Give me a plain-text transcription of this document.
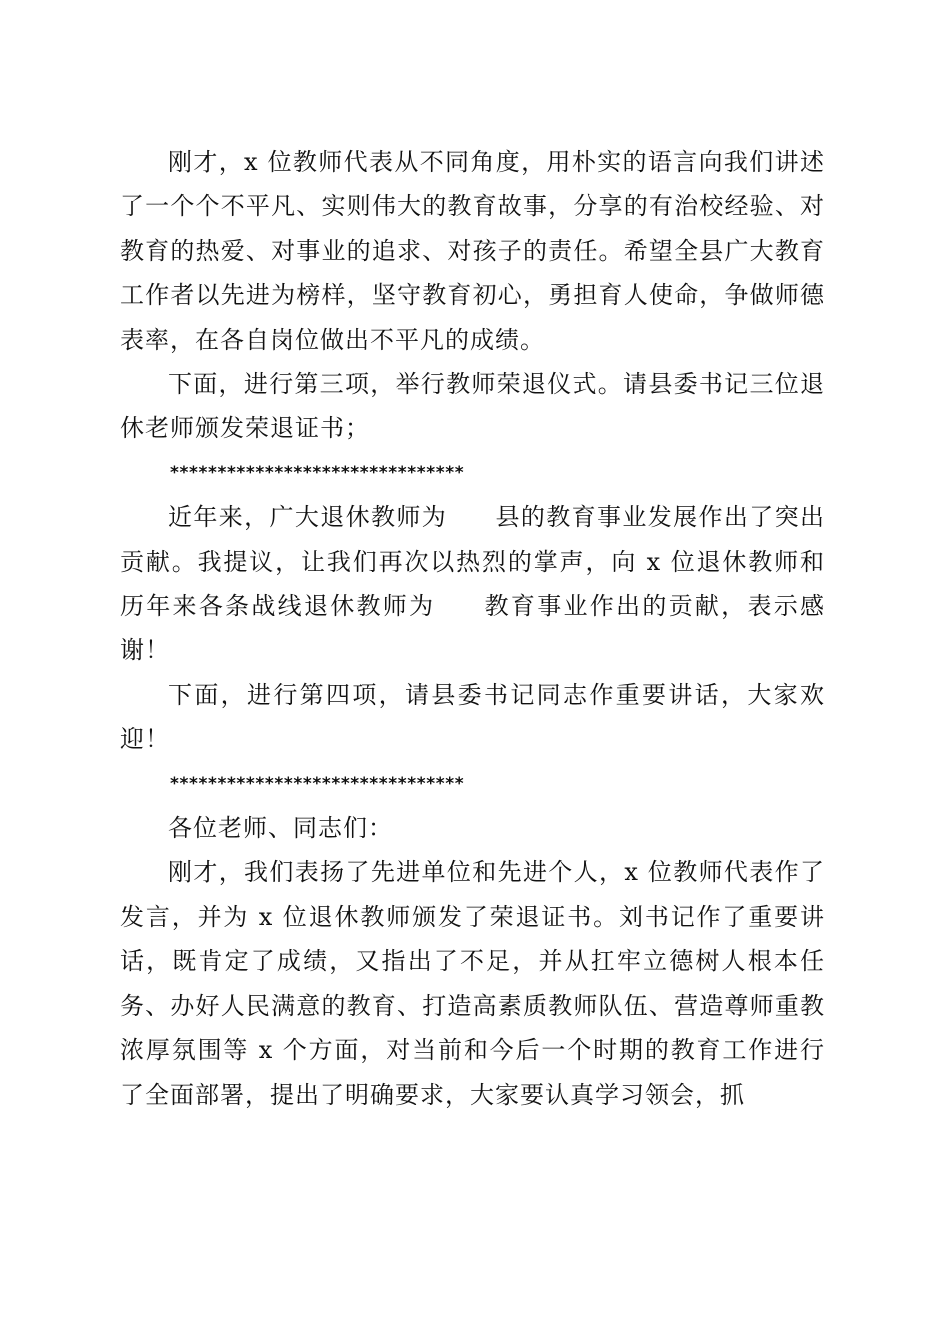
刚才，x 位教师代表从不同角度，用朴实的语言向我们讲述了一个个不平凡、实则伟大的教育故事，分享的有治校经验、对教育的热爱、对事业的追求、对孩子的责任。希望全县广大教育工作者以先进为榜样，坚守教育初心，勇担育人使命，争做师德表率，在各自岗位做出不平凡的成绩。

下面，进行第三项，举行教师荣退仪式。请县委书记三位退休老师颁发荣退证书；

*******************************

近年来，广大退休教师为 县的教育事业发展作出了突出贡献。我提议，让我们再次以热烈的掌声，向 x 位退休教师和历年来各条战线退休教师为 教育事业作出的贡献，表示感谢！

下面，进行第四项，请县委书记同志作重要讲话，大家欢迎！

*******************************

各位老师、同志们：

刚才，我们表扬了先进单位和先进个人，x 位教师代表作了发言，并为 x 位退休教师颁发了荣退证书。刘书记作了重要讲话，既肯定了成绩，又指出了不足，并从扛牢立德树人根本任务、办好人民满意的教育、打造高素质教师队伍、营造尊师重教浓厚氛围等 x 个方面，对当前和今后一个时期的教育工作进行了全面部署，提出了明确要求，大家要认真学习领会，抓
